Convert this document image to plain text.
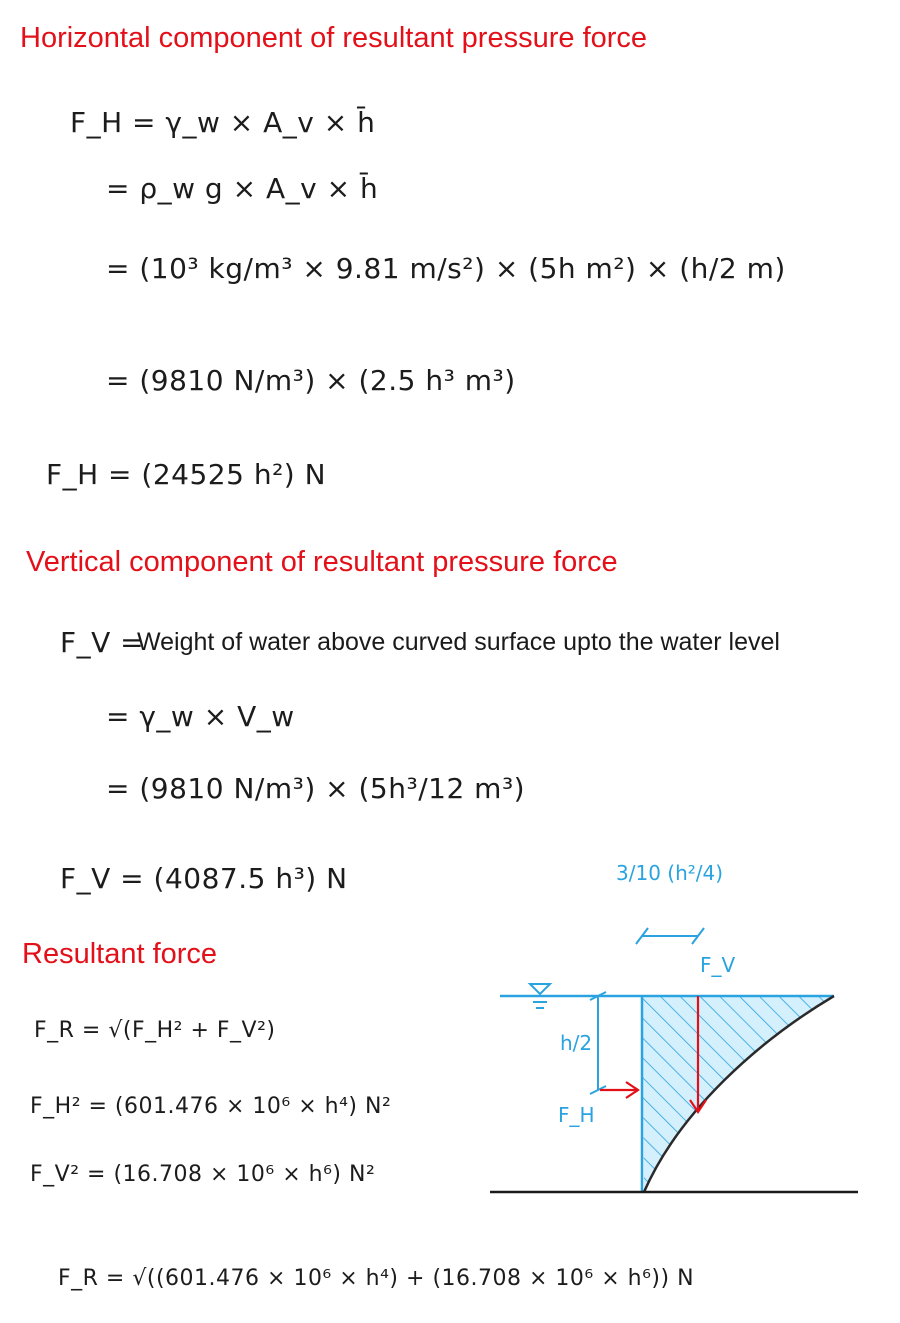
Horizontal component of resultant pressure force
Vertical component of resultant pressure force
Resultant force
F_H = γ_w × A_v × h̄
= ρ_w g × A_v × h̄
= (10³ kg/m³ × 9.81 m/s²) × (5h m²) × (h/2 m)
= (9810 N/m³) × (2.5 h³ m³)
F_H = (24525 h²) N
F_V =
Weight of water above curved surface upto the water level
= γ_w × V_w
= (9810 N/m³) × (5h³/12 m³)
F_V = (4087.5 h³) N
F_R = √(F_H² + F_V²)
F_H² = (601.476 × 10⁶ × h⁴) N²
F_V² = (16.708 × 10⁶ × h⁶) N²
F_R = √((601.476 × 10⁶ × h⁴) + (16.708 × 10⁶ × h⁶)) N
3/10 (h²/4)
F_V
h/2
F_H
